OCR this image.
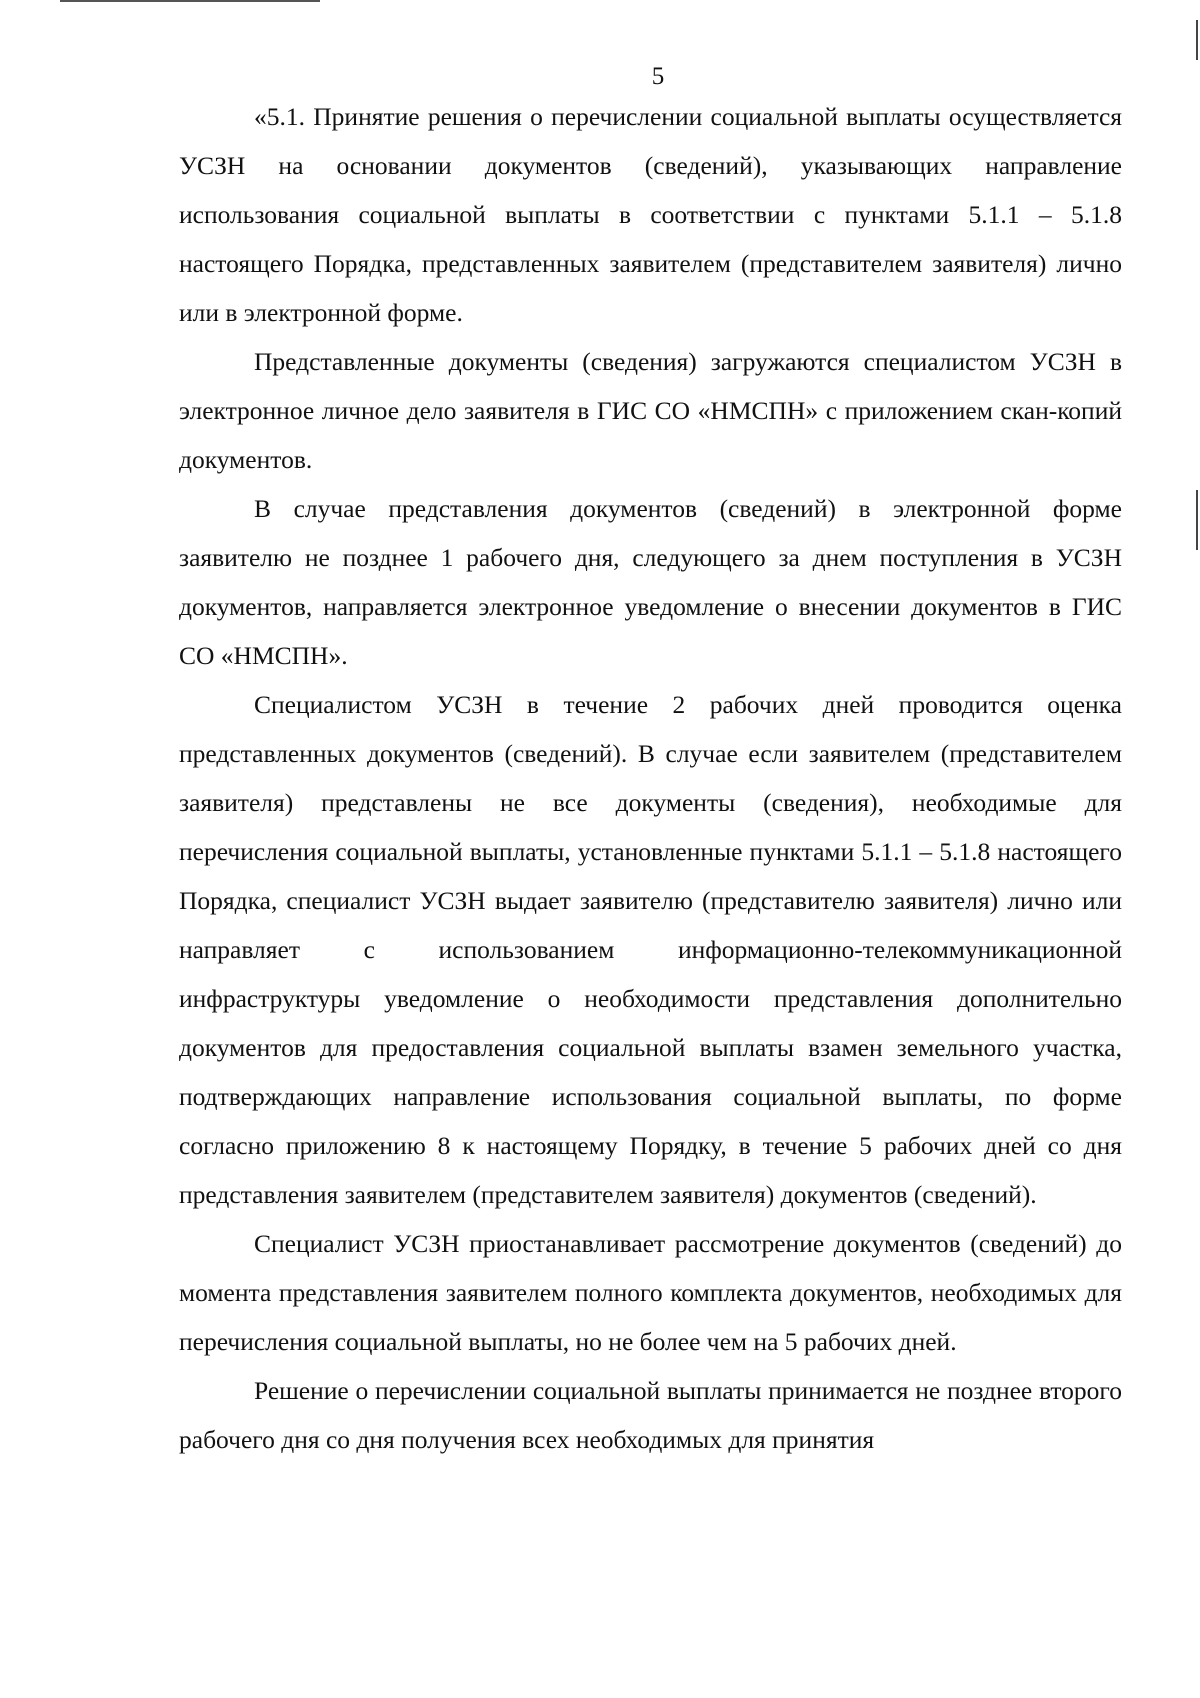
5

«5.1. Принятие решения о перечислении социальной выплаты осуществляется УСЗН на основании документов (сведений), указывающих направление использования социальной выплаты в соответствии с пунктами 5.1.1 – 5.1.8 настоящего Порядка, представленных заявителем (представителем заявителя) лично или в электронной форме.

Представленные документы (сведения) загружаются специалистом УСЗН в электронное личное дело заявителя в ГИС СО «НМСПН» с приложением скан-копий документов.

В случае представления документов (сведений) в электронной форме заявителю не позднее 1 рабочего дня, следующего за днем поступления в УСЗН документов, направляется электронное уведомление о внесении документов в ГИС СО «НМСПН».

Специалистом УСЗН в течение 2 рабочих дней проводится оценка представленных документов (сведений). В случае если заявителем (представителем заявителя) представлены не все документы (сведения), необходимые для перечисления социальной выплаты, установленные пунктами 5.1.1 – 5.1.8 настоящего Порядка, специалист УСЗН выдает заявителю (представителю заявителя) лично или направляет с использованием информационно-телекоммуникационной инфраструктуры уведомление о необходимости представления дополнительно документов для предоставления социальной выплаты взамен земельного участка, подтверждающих направление использования социальной выплаты, по форме согласно приложению 8 к настоящему Порядку, в течение 5 рабочих дней со дня представления заявителем (представителем заявителя) документов (сведений).

Специалист УСЗН приостанавливает рассмотрение документов (сведений) до момента представления заявителем полного комплекта документов, необходимых для перечисления социальной выплаты, но не более чем на 5 рабочих дней.

Решение о перечислении социальной выплаты принимается не позднее второго рабочего дня со дня получения всех необходимых для принятия
